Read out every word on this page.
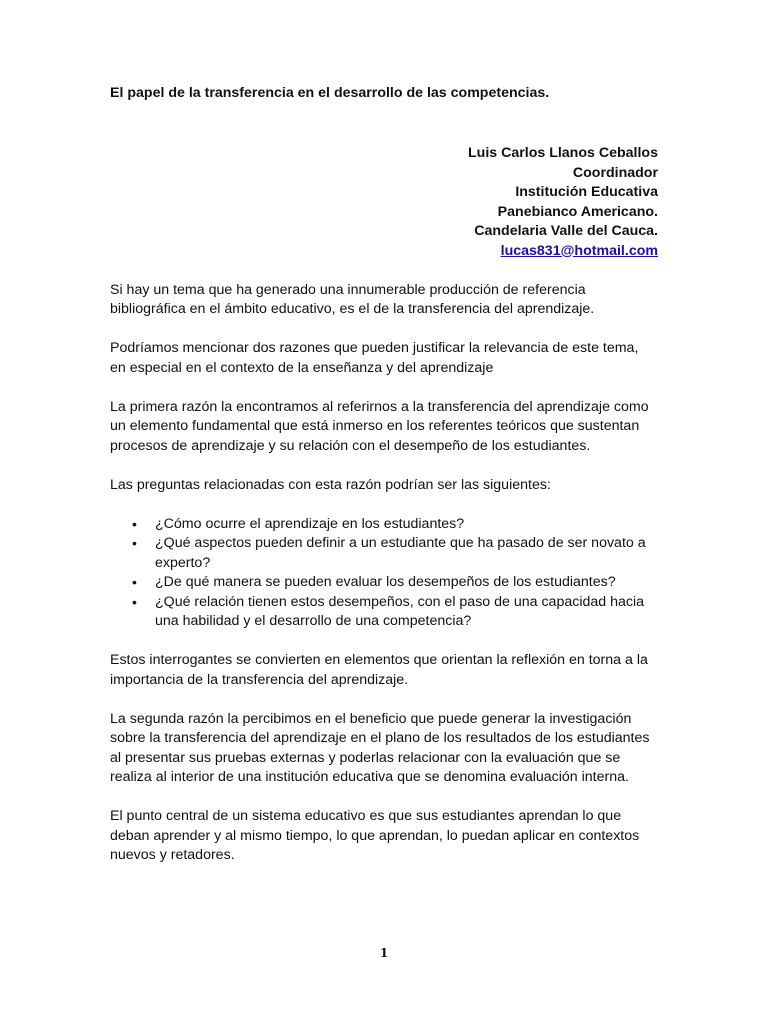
El papel de la transferencia en el desarrollo de las competencias.

Luis Carlos Llanos Ceballos
Coordinador
Institución Educativa
Panebianco Americano.
Candelaria Valle del Cauca.
lucas831@hotmail.com

Si hay un tema que ha generado una innumerable producción de referencia bibliográfica en el ámbito educativo, es el de la transferencia del aprendizaje.

Podríamos mencionar dos razones que pueden justificar la relevancia de este tema, en especial en el contexto de la enseñanza y del aprendizaje

La primera razón la encontramos al referirnos a la transferencia del aprendizaje como un elemento fundamental que está inmerso en los referentes teóricos que sustentan procesos de aprendizaje y su relación con el desempeño de los estudiantes.

Las preguntas relacionadas con esta razón podrían ser las siguientes:

• ¿Cómo ocurre el aprendizaje en los estudiantes?
• ¿Qué aspectos pueden definir a un estudiante que ha pasado de ser novato a experto?
• ¿De qué manera se pueden evaluar los desempeños de los estudiantes?
• ¿Qué relación tienen estos desempeños, con el paso de una capacidad hacia una habilidad y el desarrollo de una competencia?

Estos interrogantes se convierten en elementos que orientan la reflexión en torna a la importancia de la transferencia del aprendizaje.

La segunda razón la percibimos en el beneficio que puede generar la investigación sobre la transferencia del aprendizaje en el plano de los resultados de los estudiantes al presentar sus pruebas externas y poderlas relacionar con la evaluación que se realiza al interior de una institución educativa que se denomina evaluación interna.

El punto central de un sistema educativo es que sus estudiantes aprendan lo que deban aprender y al mismo tiempo, lo que aprendan, lo puedan aplicar en contextos nuevos y retadores.

1
